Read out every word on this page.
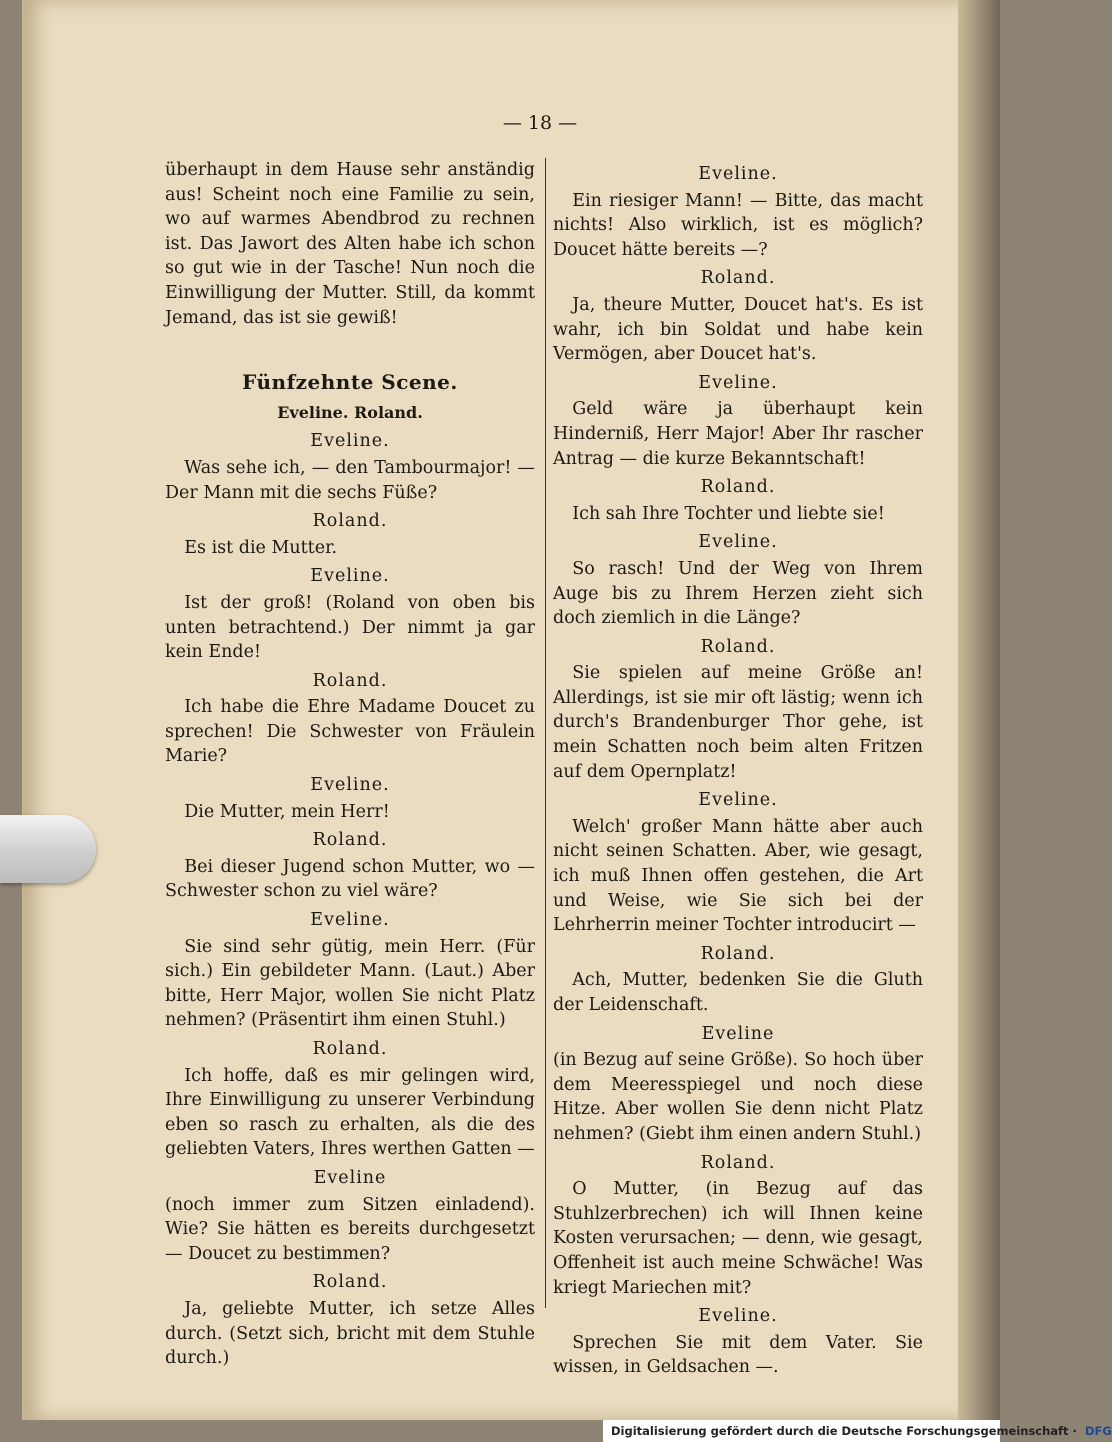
— 18 —

überhaupt in dem Hause sehr anständig aus! Scheint noch eine Familie zu sein, wo auf warmes Abendbrod zu rechnen ist. Das Jawort des Alten habe ich schon so gut wie in der Tasche! Nun noch die Einwilligung der Mutter. Still, da kommt Jemand, das ist sie gewiß!

Fünfzehnte Scene.
Eveline. Roland.
Eveline.

Was sehe ich, — den Tambourmajor! — Der Mann mit die sechs Füße?

Roland.

Es ist die Mutter.

Eveline.

Ist der groß! (Roland von oben bis unten betrachtend.) Der nimmt ja gar kein Ende!

Roland.

Ich habe die Ehre Madame Doucet zu sprechen! Die Schwester von Fräulein Marie?

Eveline.

Die Mutter, mein Herr!

Roland.

Bei dieser Jugend schon Mutter, wo — Schwester schon zu viel wäre?

Eveline.

Sie sind sehr gütig, mein Herr. (Für sich.) Ein gebildeter Mann. (Laut.) Aber bitte, Herr Major, wollen Sie nicht Platz nehmen? (Präsentirt ihm einen Stuhl.)

Roland.

Ich hoffe, daß es mir gelingen wird, Ihre Einwilligung zu unserer Verbindung eben so rasch zu erhalten, als die des geliebten Vaters, Ihres werthen Gatten —

Eveline

(noch immer zum Sitzen einladend). Wie? Sie hätten es bereits durchgesetzt — Doucet zu bestimmen?

Roland.

Ja, geliebte Mutter, ich setze Alles durch. (Setzt sich, bricht mit dem Stuhle durch.)

Eveline.

Ein riesiger Mann! — Bitte, das macht nichts! Also wirklich, ist es möglich? Doucet hätte bereits —?

Roland.

Ja, theure Mutter, Doucet hat's. Es ist wahr, ich bin Soldat und habe kein Vermögen, aber Doucet hat's.

Eveline.

Geld wäre ja überhaupt kein Hinderniß, Herr Major! Aber Ihr rascher Antrag — die kurze Bekanntschaft!

Roland.

Ich sah Ihre Tochter und liebte sie!

Eveline.

So rasch! Und der Weg von Ihrem Auge bis zu Ihrem Herzen zieht sich doch ziemlich in die Länge?

Roland.

Sie spielen auf meine Größe an! Allerdings, ist sie mir oft lästig; wenn ich durch's Brandenburger Thor gehe, ist mein Schatten noch beim alten Fritzen auf dem Opernplatz!

Eveline.

Welch' großer Mann hätte aber auch nicht seinen Schatten. Aber, wie gesagt, ich muß Ihnen offen gestehen, die Art und Weise, wie Sie sich bei der Lehrherrin meiner Tochter introducirt —

Roland.

Ach, Mutter, bedenken Sie die Gluth der Leidenschaft.

Eveline

(in Bezug auf seine Größe). So hoch über dem Meeresspiegel und noch diese Hitze. Aber wollen Sie denn nicht Platz nehmen? (Giebt ihm einen andern Stuhl.)

Roland.

O Mutter, (in Bezug auf das Stuhlzerbrechen) ich will Ihnen keine Kosten verursachen; — denn, wie gesagt, Offenheit ist auch meine Schwäche! Was kriegt Mariechen mit?

Eveline.

Sprechen Sie mit dem Vater. Sie wissen, in Geldsachen —.

Digitalisierung gefördert durch die Deutsche Forschungsgemeinschaft · DFG
